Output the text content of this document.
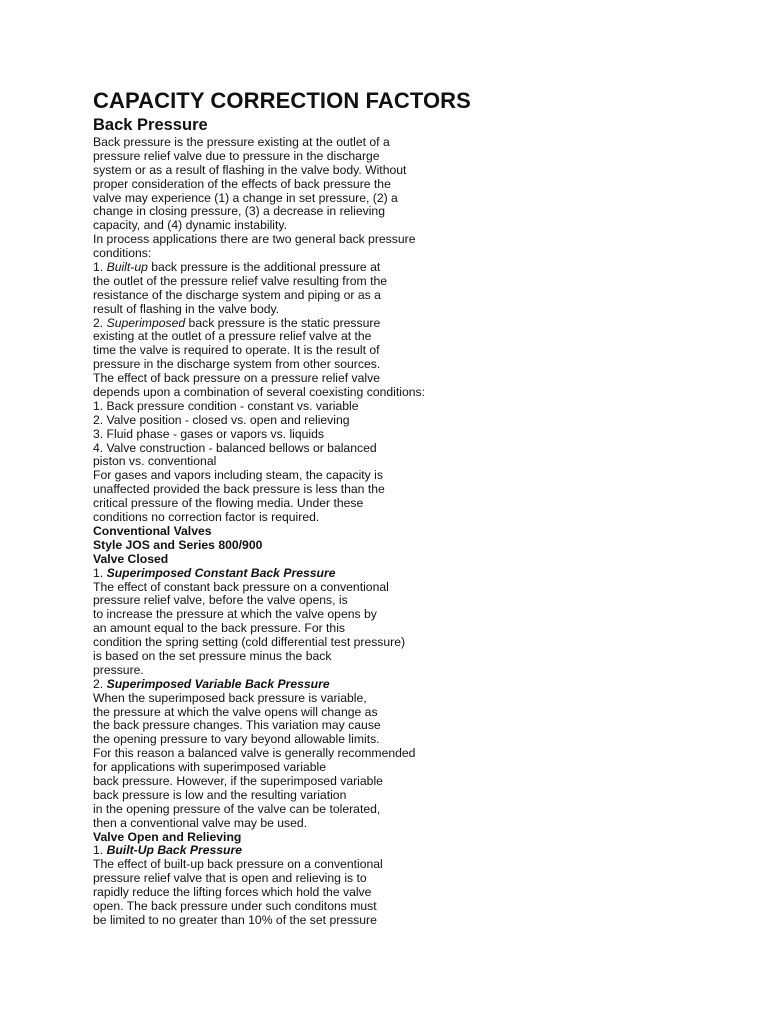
CAPACITY CORRECTION FACTORS
Back Pressure
Back pressure is the pressure existing at the outlet of a
pressure relief valve due to pressure in the discharge
system or as a result of flashing in the valve body. Without
proper consideration of the effects of back pressure the
valve may experience (1) a change in set pressure, (2) a
change in closing pressure, (3) a decrease in relieving
capacity, and (4) dynamic instability.
In process applications there are two general back pressure
conditions:
1. Built-up back pressure is the additional pressure at
the outlet of the pressure relief valve resulting from the
resistance of the discharge system and piping or as a
result of flashing in the valve body.
2. Superimposed back pressure is the static pressure
existing at the outlet of a pressure relief valve at the
time the valve is required to operate. It is the result of
pressure in the discharge system from other sources.
The effect of back pressure on a pressure relief valve
depends upon a combination of several coexisting conditions:
1. Back pressure condition - constant vs. variable
2. Valve position - closed vs. open and relieving
3. Fluid phase - gases or vapors vs. liquids
4. Valve construction - balanced bellows or balanced
piston vs. conventional
For gases and vapors including steam, the capacity is
unaffected provided the back pressure is less than the
critical pressure of the flowing media. Under these
conditions no correction factor is required.
Conventional Valves
Style JOS and Series 800/900
Valve Closed
1. Superimposed Constant Back Pressure
The effect of constant back pressure on a conventional
pressure relief valve, before the valve opens, is
to increase the pressure at which the valve opens by
an amount equal to the back pressure. For this
condition the spring setting (cold differential test pressure)
is based on the set pressure minus the back
pressure.
2. Superimposed Variable Back Pressure
When the superimposed back pressure is variable,
the pressure at which the valve opens will change as
the back pressure changes. This variation may cause
the opening pressure to vary beyond allowable limits.
For this reason a balanced valve is generally recommended
for applications with superimposed variable
back pressure. However, if the superimposed variable
back pressure is low and the resulting variation
in the opening pressure of the valve can be tolerated,
then a conventional valve may be used.
Valve Open and Relieving
1. Built-Up Back Pressure
The effect of built-up back pressure on a conventional
pressure relief valve that is open and relieving is to
rapidly reduce the lifting forces which hold the valve
open. The back pressure under such conditons must
be limited to no greater than 10% of the set pressure
